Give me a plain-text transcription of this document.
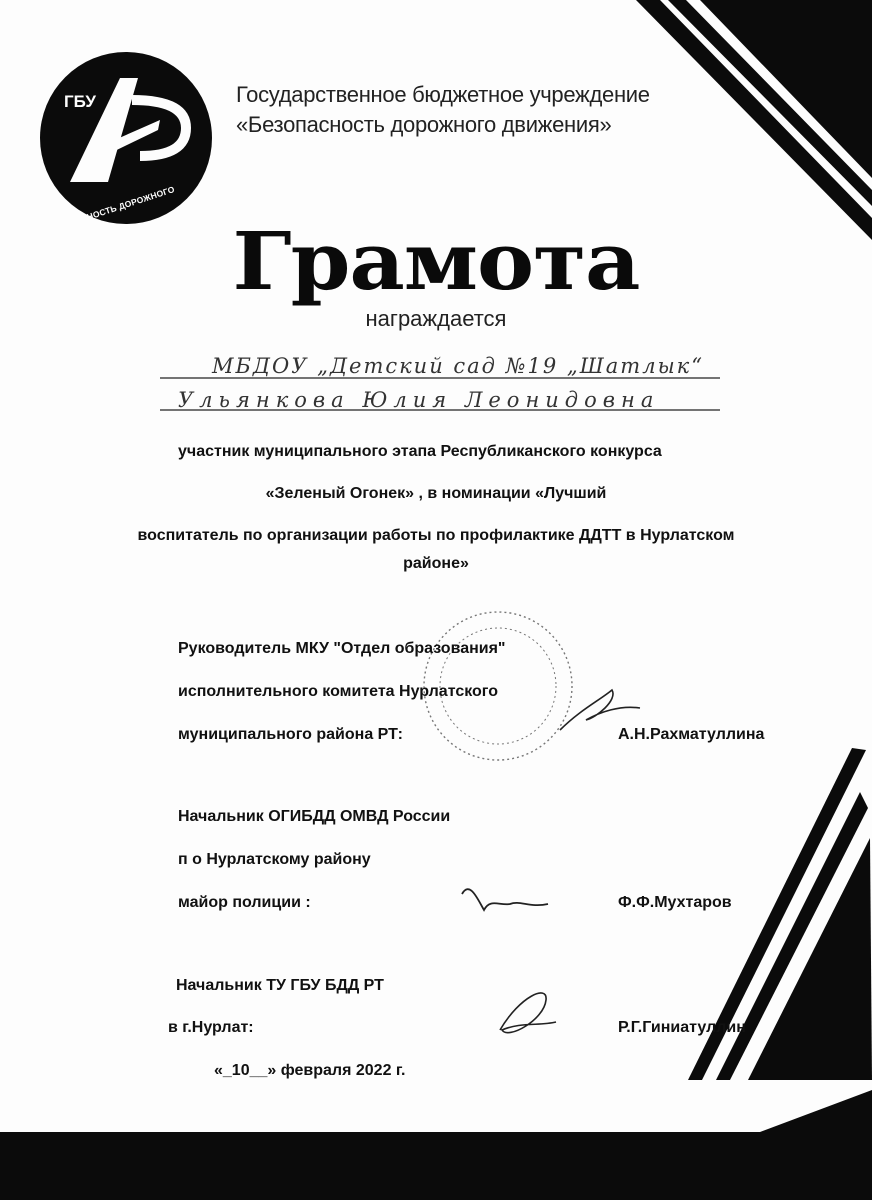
ГБУ
БЕЗОПАСНОСТЬ ДОРОЖНОГО ДВИЖЕНИЯ
Государственное бюджетное учреждение
«Безопасность дорожного движения»
Грамота
награждается
МБДОУ „Детский сад №19 „Шатлык“
Ульянкова Юлия Леонидовна
участник муниципального этапа Республиканского конкурса
«Зеленый Огонек» , в номинации «Лучший
воспитатель по организации работы по профилактике ДДТТ в Нурлатском
районе»
Руководитель МКУ "Отдел образования"
исполнительного комитета Нурлатского
муниципального района РТ:	А.Н.Рахматуллина
Начальник ОГИБДД ОМВД России
п о Нурлатскому району
майор полиции :	Ф.Ф.Мухтаров
Начальник ТУ ГБУ БДД РТ
в г.Нурлат:	Р.Г.Гиниатуллин
«_10__» февраля 2022 г.
